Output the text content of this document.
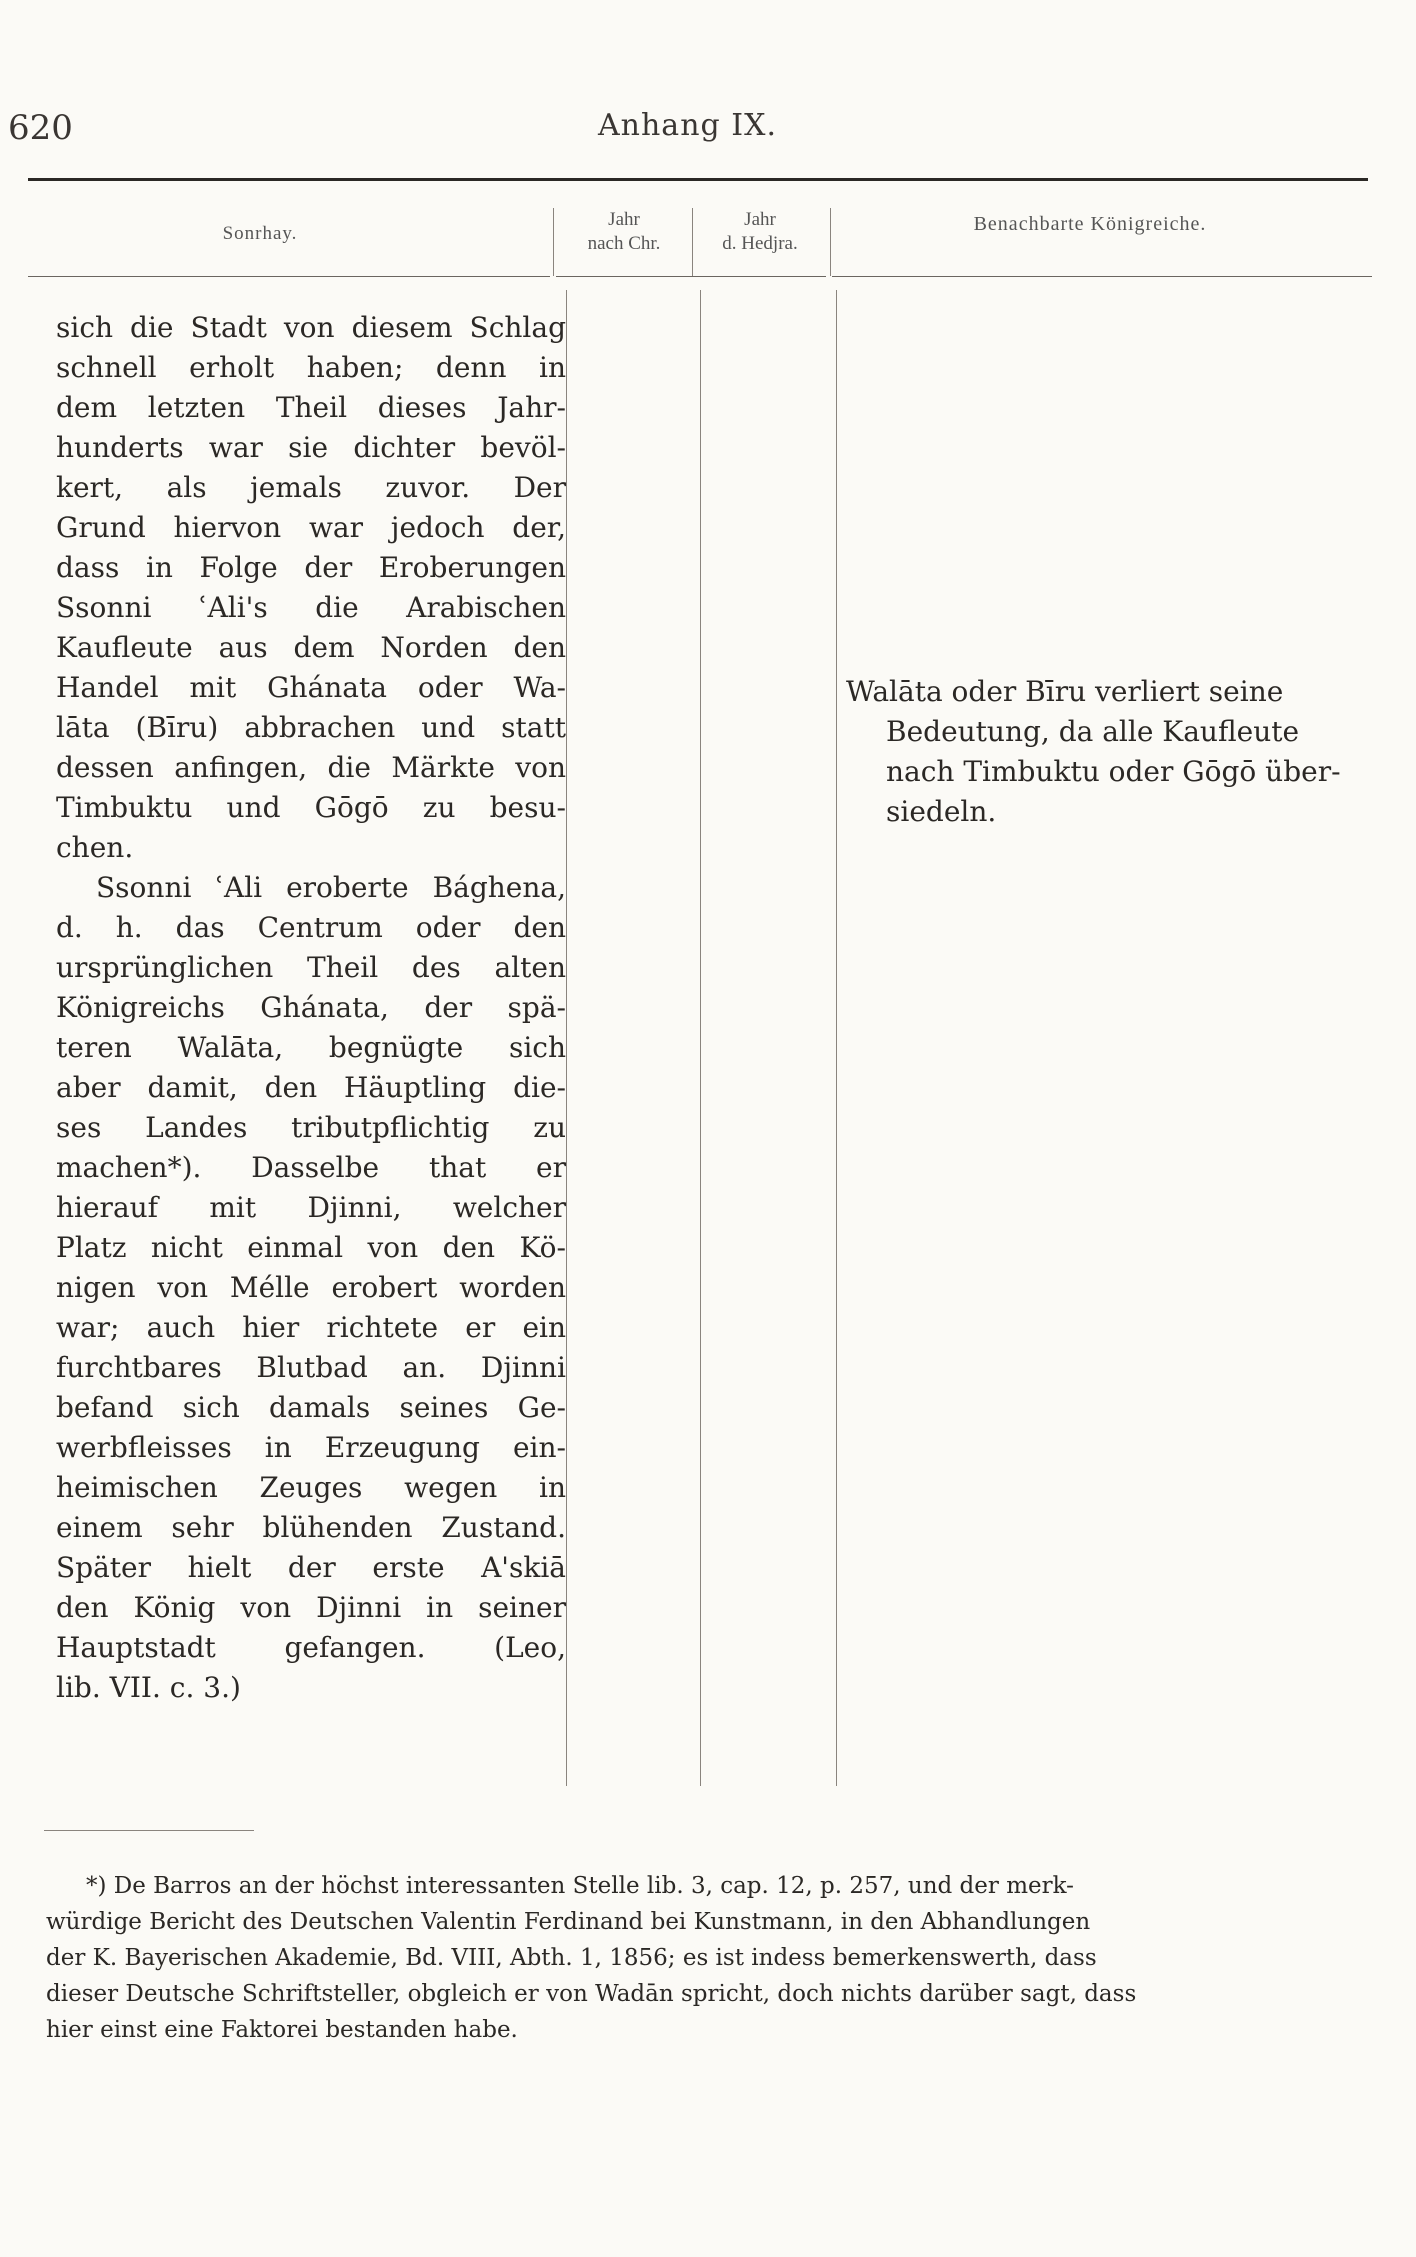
620	Anhang IX.
Sonrhay.
Jahr
nach Chr.
Jahr
d. Hedjra.
Benachbarte Königreiche.
sich die Stadt von diesem Schlag
schnell erholt haben; denn in
dem letzten Theil dieses Jahr-
hunderts war sie dichter bevöl-
kert, als jemals zuvor. Der
Grund hiervon war jedoch der,
dass in Folge der Eroberungen
Ssonni ʿAli's die Arabischen
Kaufleute aus dem Norden den
Handel mit Ghánata oder Wa-
lāta (Bīru) abbrachen und statt
dessen anfingen, die Märkte von
Timbuktu und Gōgō zu besu-
chen.
Ssonni ʿAli eroberte Bághena,
d. h. das Centrum oder den
ursprünglichen Theil des alten
Königreichs Ghánata, der spä-
teren Walāta, begnügte sich
aber damit, den Häuptling die-
ses Landes tributpflichtig zu
machen*). Dasselbe that er
hierauf mit Djinni, welcher
Platz nicht einmal von den Kö-
nigen von Mélle erobert worden
war; auch hier richtete er ein
furchtbares Blutbad an. Djinni
befand sich damals seines Ge-
werbfleisses in Erzeugung ein-
heimischen Zeuges wegen in
einem sehr blühenden Zustand.
Später hielt der erste A'skiā
den König von Djinni in seiner
Hauptstadt gefangen. (Leo,
lib. VII. c. 3.)
Walāta oder Bīru verliert seine
Bedeutung, da alle Kaufleute
nach Timbuktu oder Gōgō über-
siedeln.
*) De Barros an der höchst interessanten Stelle lib. 3, cap. 12, p. 257, und der merk-
würdige Bericht des Deutschen Valentin Ferdinand bei Kunstmann, in den Abhandlungen
der K. Bayerischen Akademie, Bd. VIII, Abth. 1, 1856; es ist indess bemerkenswerth, dass
dieser Deutsche Schriftsteller, obgleich er von Wadān spricht, doch nichts darüber sagt, dass
hier einst eine Faktorei bestanden habe.
